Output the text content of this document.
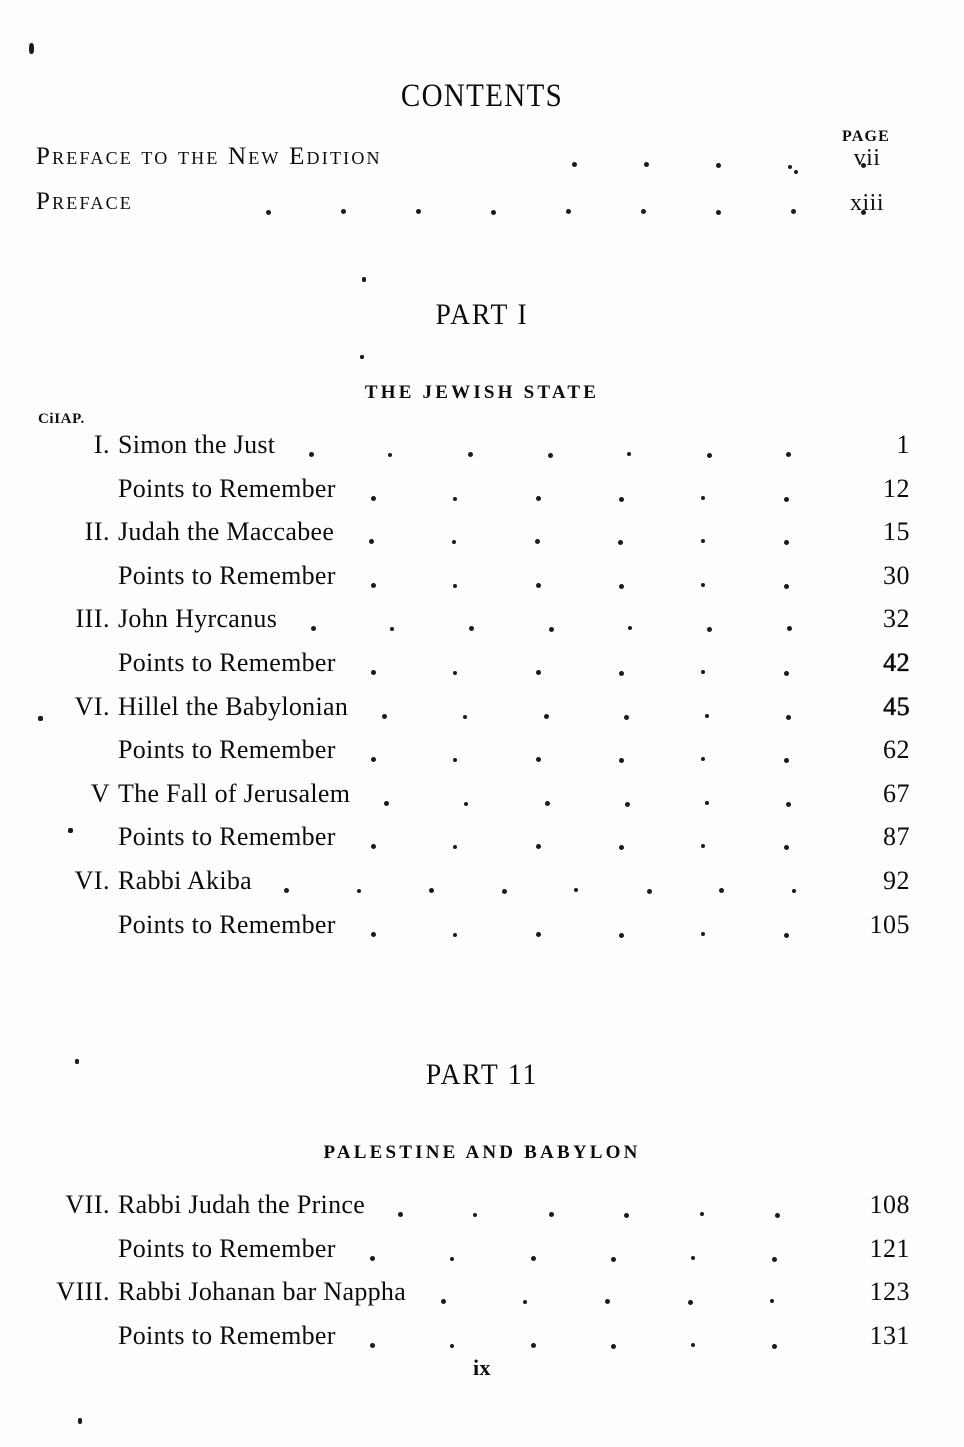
CONTENTS
PAGE
Preface to the New Edition	vii
Preface	xiii
PART I
THE JEWISH STATE
CiIAP.
I. Simon the Just	1
Points to Remember	12
II. Judah the Maccabee	15
Points to Remember	30
III. John Hyrcanus	32
Points to Remember	42
VI. Hillel the Babylonian	45
Points to Remember	62
V The Fall of Jerusalem	67
Points to Remember	87
VI. Rabbi Akiba	92
Points to Remember	105
PART 11
PALESTINE AND BABYLON
VII. Rabbi Judah the Prince	108
Points to Remember	121
VIII. Rabbi Johanan bar Nappha	123
Points to Remember	131
ix
